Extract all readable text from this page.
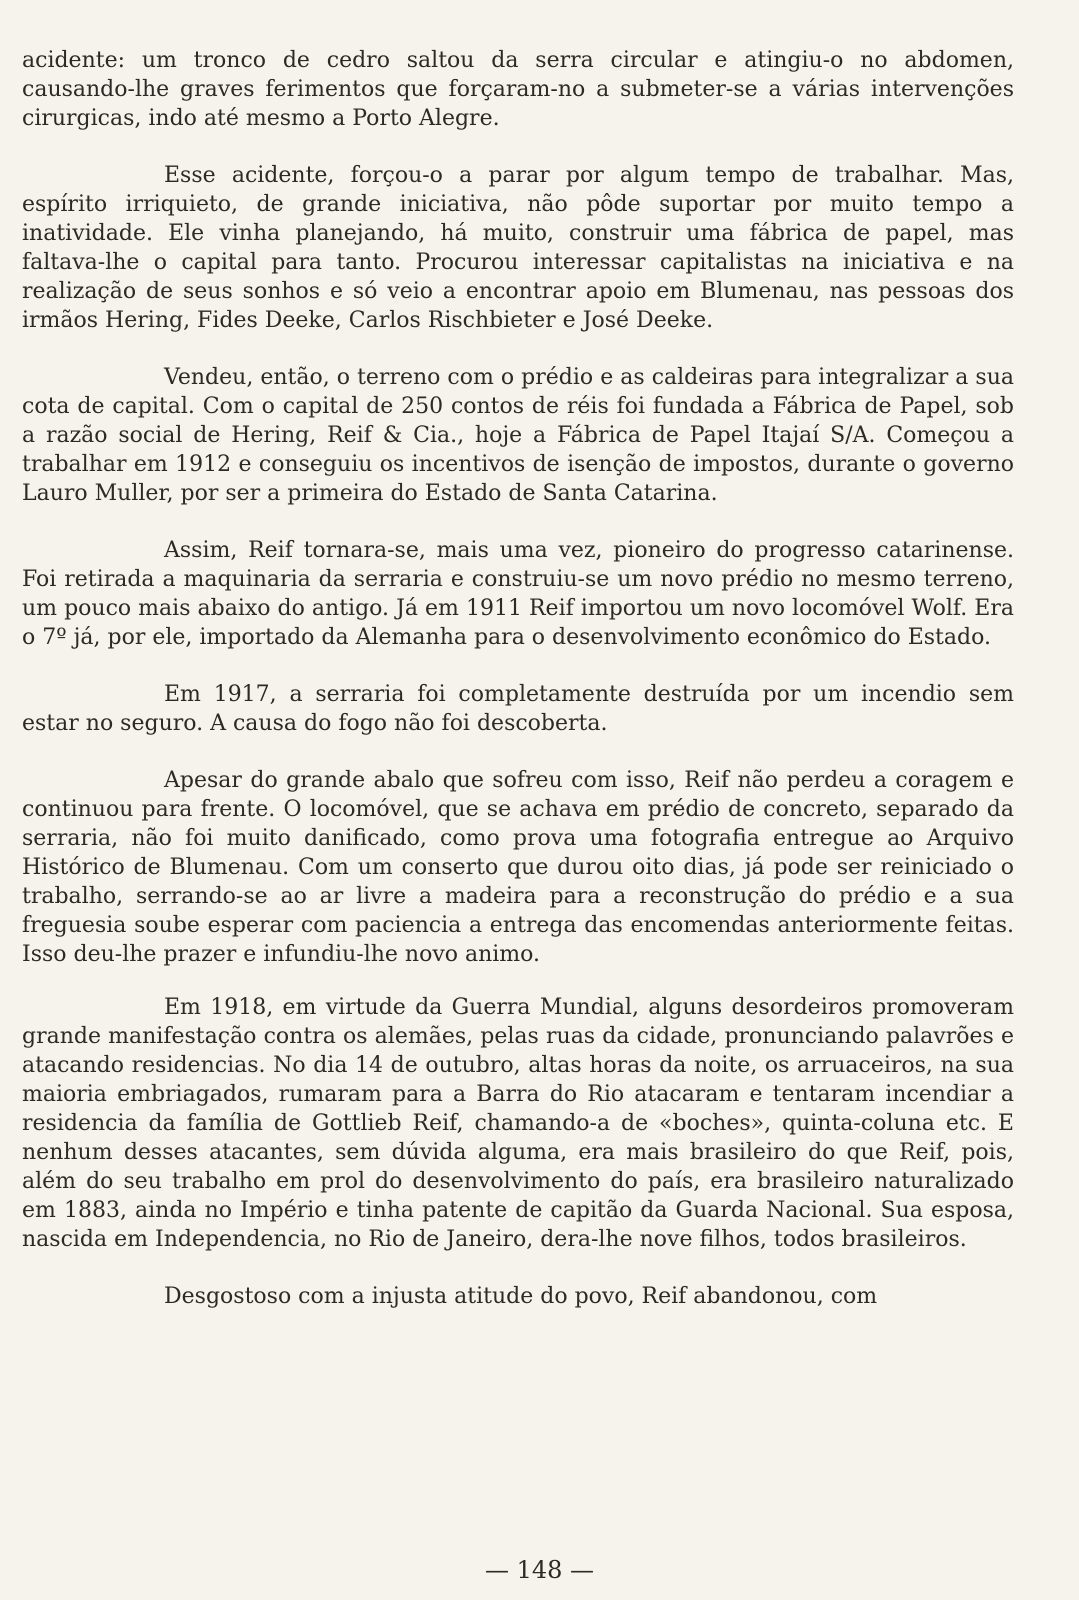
acidente: um tronco de cedro saltou da serra circular e atingiu-o no abdomen, causando-lhe graves ferimentos que forçaram-no a submeter-se a várias intervenções cirurgicas, indo até mesmo a Porto Alegre.

Esse acidente, forçou-o a parar por algum tempo de trabalhar. Mas, espírito irriquieto, de grande iniciativa, não pôde suportar por muito tempo a inatividade. Ele vinha planejando, há muito, construir uma fábrica de papel, mas faltava-lhe o capital para tanto. Procurou interessar capitalistas na iniciativa e na realização de seus sonhos e só veio a encontrar apoio em Blumenau, nas pessoas dos irmãos Hering, Fides Deeke, Carlos Rischbieter e José Deeke.

Vendeu, então, o terreno com o prédio e as caldeiras para integralizar a sua cota de capital. Com o capital de 250 contos de réis foi fundada a Fábrica de Papel, sob a razão social de Hering, Reif & Cia., hoje a Fábrica de Papel Itajaí S/A. Começou a trabalhar em 1912 e conseguiu os incentivos de isenção de impostos, durante o governo Lauro Muller, por ser a primeira do Estado de Santa Catarina.

Assim, Reif tornara-se, mais uma vez, pioneiro do progresso catarinense. Foi retirada a maquinaria da serraria e construiu-se um novo prédio no mesmo terreno, um pouco mais abaixo do antigo. Já em 1911 Reif importou um novo locomóvel Wolf. Era o 7º já, por ele, importado da Alemanha para o desenvolvimento econômico do Estado.

Em 1917, a serraria foi completamente destruída por um incendio sem estar no seguro. A causa do fogo não foi descoberta.

Apesar do grande abalo que sofreu com isso, Reif não perdeu a coragem e continuou para frente. O locomóvel, que se achava em prédio de concreto, separado da serraria, não foi muito danificado, como prova uma fotografia entregue ao Arquivo Histórico de Blumenau. Com um conserto que durou oito dias, já pode ser reiniciado o trabalho, serrando-se ao ar livre a madeira para a reconstrução do prédio e a sua freguesia soube esperar com paciencia a entrega das encomendas anteriormente feitas. Isso deu-lhe prazer e infundiu-lhe novo animo.

Em 1918, em virtude da Guerra Mundial, alguns desordeiros promoveram grande manifestação contra os alemães, pelas ruas da cidade, pronunciando palavrões e atacando residencias. No dia 14 de outubro, altas horas da noite, os arruaceiros, na sua maioria embriagados, rumaram para a Barra do Rio atacaram e tentaram incendiar a residencia da família de Gottlieb Reif, chamando-a de «boches», quinta-coluna etc. E nenhum desses atacantes, sem dúvida alguma, era mais brasileiro do que Reif, pois, além do seu trabalho em prol do desenvolvimento do país, era brasileiro naturalizado em 1883, ainda no Império e tinha patente de capitão da Guarda Nacional. Sua esposa, nascida em Independencia, no Rio de Janeiro, dera-lhe nove filhos, todos brasileiros.

Desgostoso com a injusta atitude do povo, Reif abandonou, com

— 148 —
